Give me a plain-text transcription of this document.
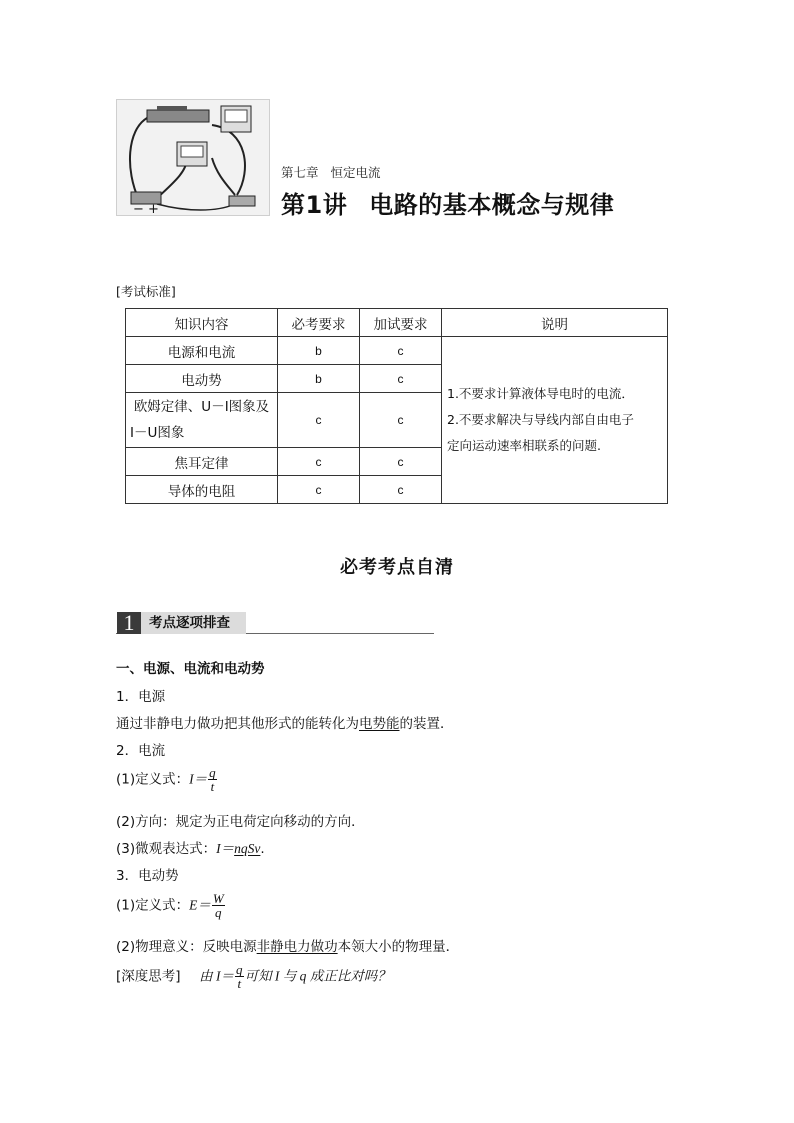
− +
第七章 恒定电流
第1讲 电路的基本概念与规律
[考试标准]
知识内容	必考要求	加试要求	说明
电源和电流	b	c	1.不要求计算液体导电时的电流．
2.不要求解决与导线内部自由电子
定向运动速率相联系的问题.

电动势	b	c	

欧姆定律、U－I图象及
I－U图象	c	c	
焦耳定律	c	c	
导体的电阻	c	c	
必考考点自清
1	考点逐项排查
一、电源、电流和电动势
1．电源
通过非静电力做功把其他形式的能转化为电势能的装置．
2．电流
(1)定义式：$I= \frac{q}{t}$
(2)方向：规定为正电荷定向移动的方向．
(3)微观表达式：I＝nqSv.
3．电动势
(1)定义式：$E= \frac{W}{q}$
(2)物理意义：反映电源非静电力做功本领大小的物理量．
[深度思考] 由 $I= \frac{q}{t}$ 可知 I 与 q 成正比对吗？
